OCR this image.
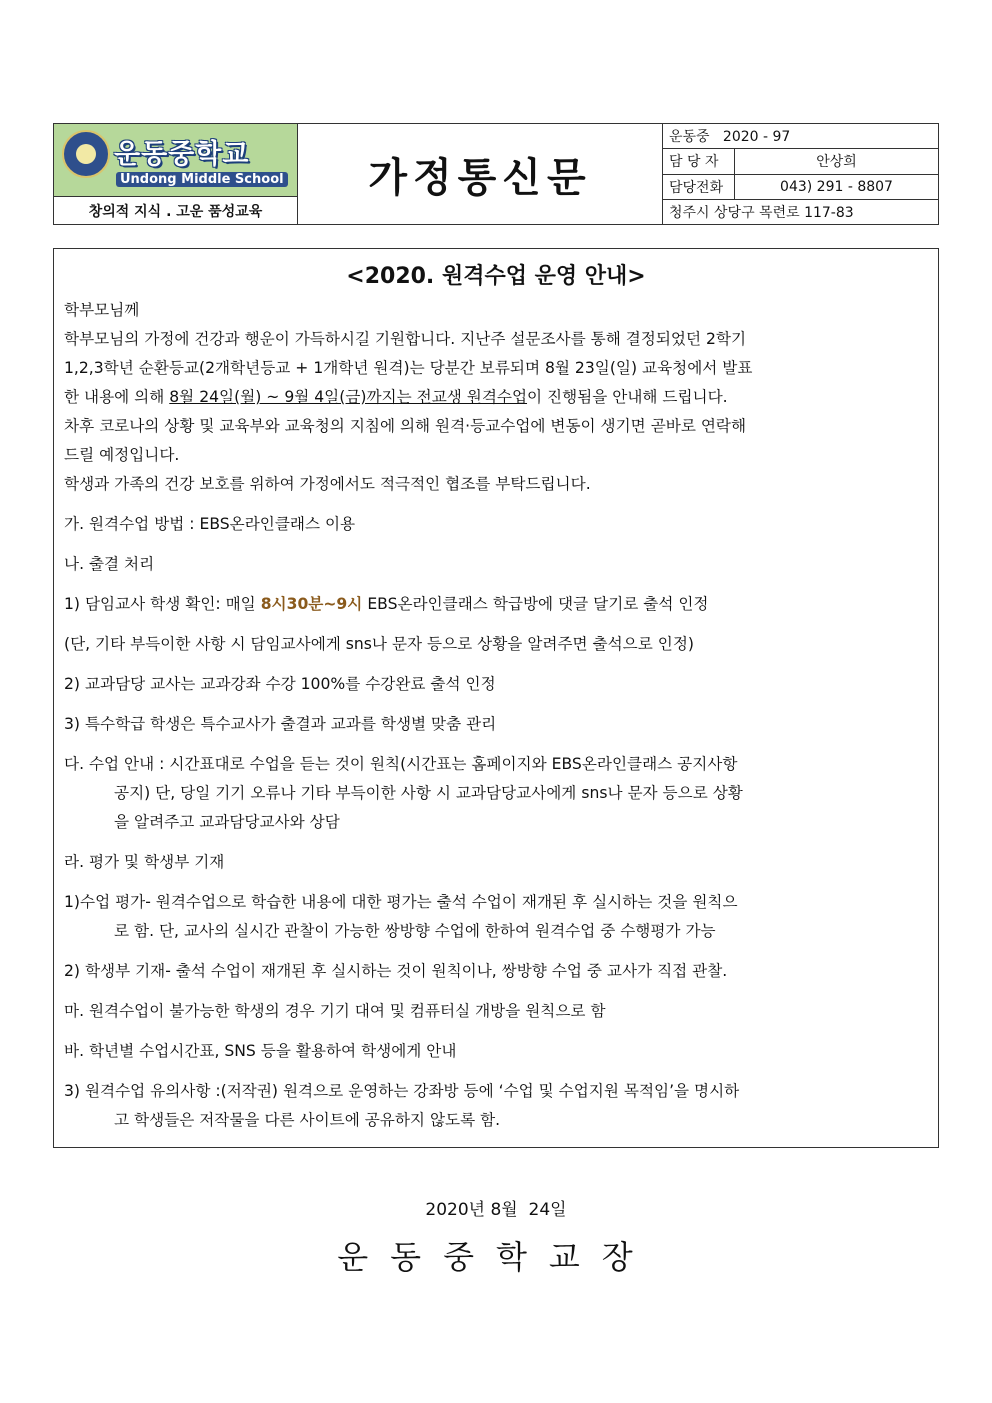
운동중학교
Undong Middle School
창의적 지식 . 고운 품성교육
가정통신문
운동중   2020 - 97
담 당 자	안상희
담당전화	043) 291 - 8807
청주시 상당구 목련로 117-83
<2020. 원격수업 운영 안내>
학부모님께
학부모님의 가정에 건강과 행운이 가득하시길 기원합니다. 지난주 설문조사를 통해 결정되었던 2학기
1,2,3학년 순환등교(2개학년등교 + 1개학년 원격)는 당분간 보류되며 8월 23일(일) 교육청에서 발표
한 내용에 의해 8월 24일(월) ~ 9월 4일(금)까지는 전교생 원격수업이 진행됨을 안내해 드립니다.
차후 코로나의 상황 및 교육부와 교육청의 지침에 의해 원격·등교수업에 변동이 생기면 곧바로 연락해
드릴 예정입니다.
학생과 가족의 건강 보호를 위하여 가정에서도 적극적인 협조를 부탁드립니다.
가. 원격수업 방법 : EBS온라인클래스 이용
나. 출결 처리
1) 담임교사 학생 확인: 매일 8시30분~9시 EBS온라인클래스 학급방에 댓글 달기로 출석 인정
(단, 기타 부득이한 사항 시 담임교사에게 sns나 문자 등으로 상황을 알려주면 출석으로 인정)
2) 교과담당 교사는 교과강좌 수강 100%를 수강완료 출석 인정
3) 특수학급 학생은 특수교사가 출결과 교과를 학생별 맞춤 관리
다. 수업 안내 : 시간표대로 수업을 듣는 것이 원칙(시간표는 홈페이지와 EBS온라인클래스 공지사항
공지) 단, 당일 기기 오류나 기타 부득이한 사항 시 교과담당교사에게 sns나 문자 등으로 상황
을 알려주고 교과담당교사와 상담
라. 평가 및 학생부 기재
1)수업 평가- 원격수업으로 학습한 내용에 대한 평가는 출석 수업이 재개된 후 실시하는 것을 원칙으
로 함. 단, 교사의 실시간 관찰이 가능한 쌍방향 수업에 한하여 원격수업 중 수행평가 가능
2) 학생부 기재- 출석 수업이 재개된 후 실시하는 것이 원칙이나, 쌍방향 수업 중 교사가 직접 관찰.
마. 원격수업이 불가능한 학생의 경우 기기 대여 및 컴퓨터실 개방을 원칙으로 함
바. 학년별 수업시간표, SNS 등을 활용하여 학생에게 안내
3) 원격수업 유의사항 :(저작권) 원격으로 운영하는 강좌방 등에 ‘수업 및 수업지원 목적임’을 명시하
고 학생들은 저작물을 다른 사이트에 공유하지 않도록 함.
2020년 8월  24일
운동중학교장
